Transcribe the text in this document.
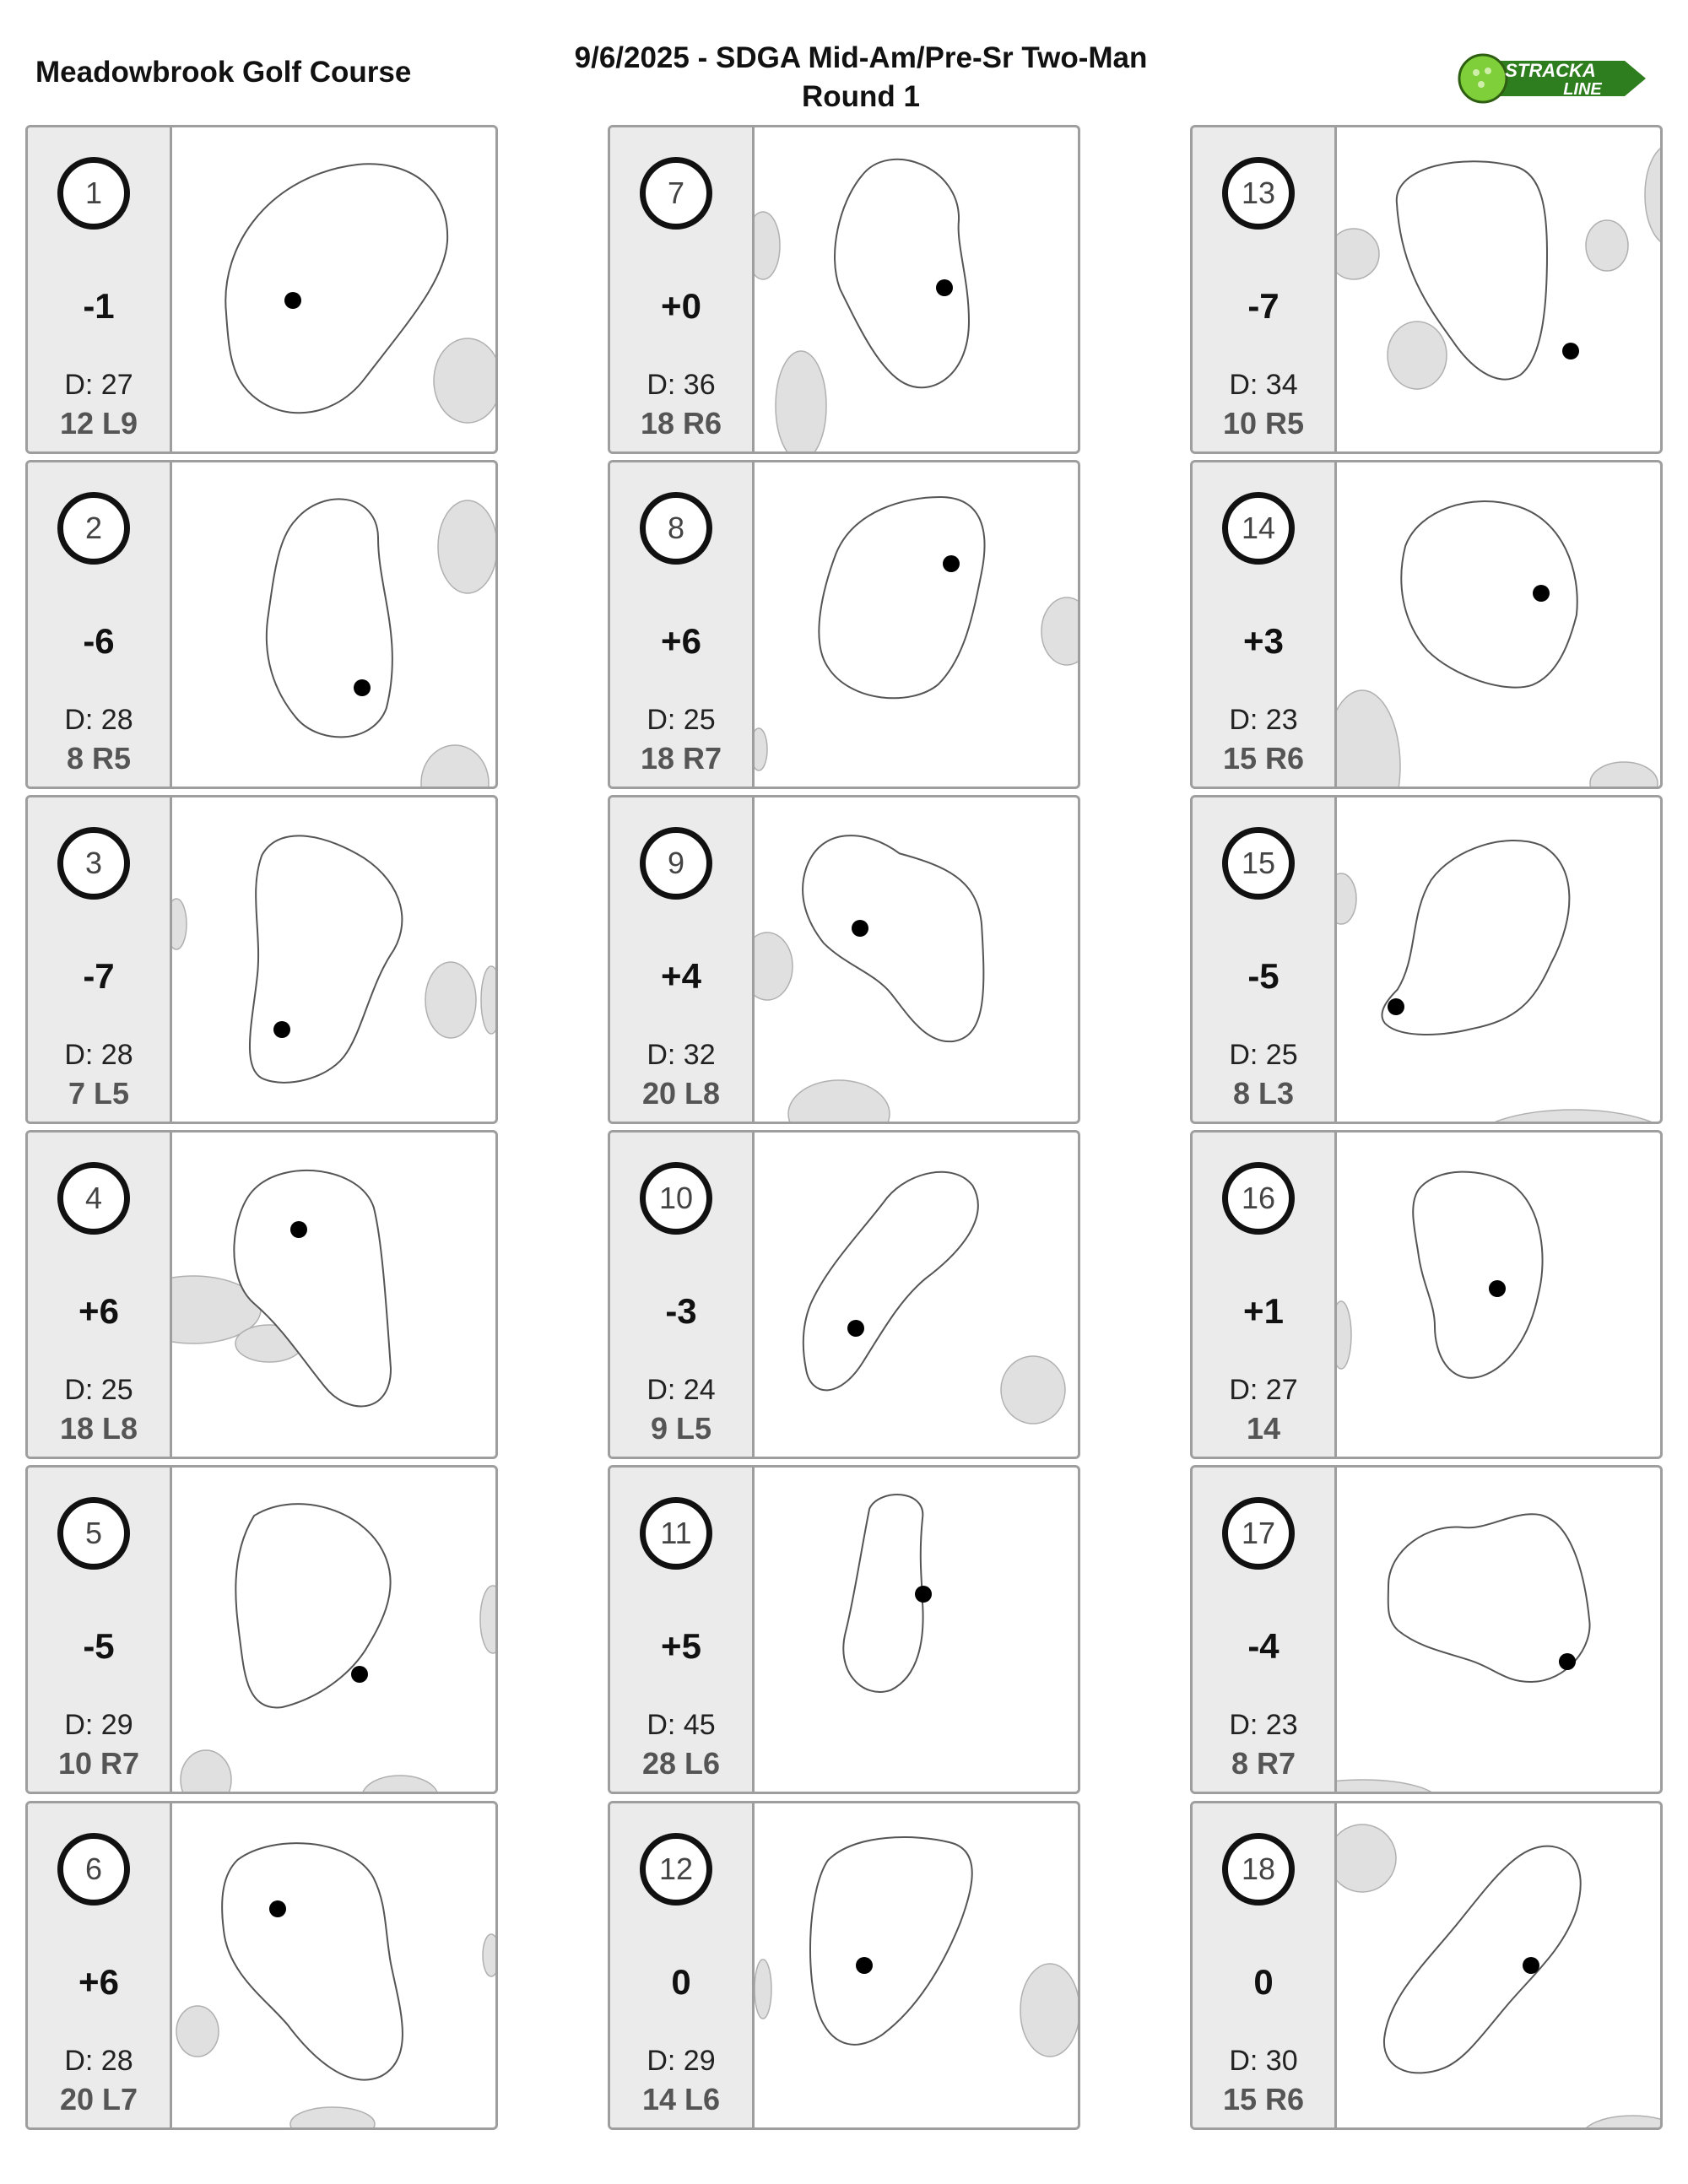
Meadowbrook Golf Course	9/6/2025 - SDGA Mid-Am/Pre-Sr Two-Man
Round 1
STRACKA
LINE
1
-1
D: 27
12 L9
2
-6
D: 28
8 R5
3
-7
D: 28
7 L5
4
+6
D: 25
18 L8
5
-5
D: 29
10 R7
6
+6
D: 28
20 L7
7
+0
D: 36
18 R6
8
+6
D: 25
18 R7
9
+4
D: 32
20 L8
10
-3
D: 24
9 L5
11
+5
D: 45
28 L6
12
0
D: 29
14 L6
13
-7
D: 34
10 R5
14
+3
D: 23
15 R6
15
-5
D: 25
8 L3
16
+1
D: 27
14
17
-4
D: 23
8 R7
18
0
D: 30
15 R6
